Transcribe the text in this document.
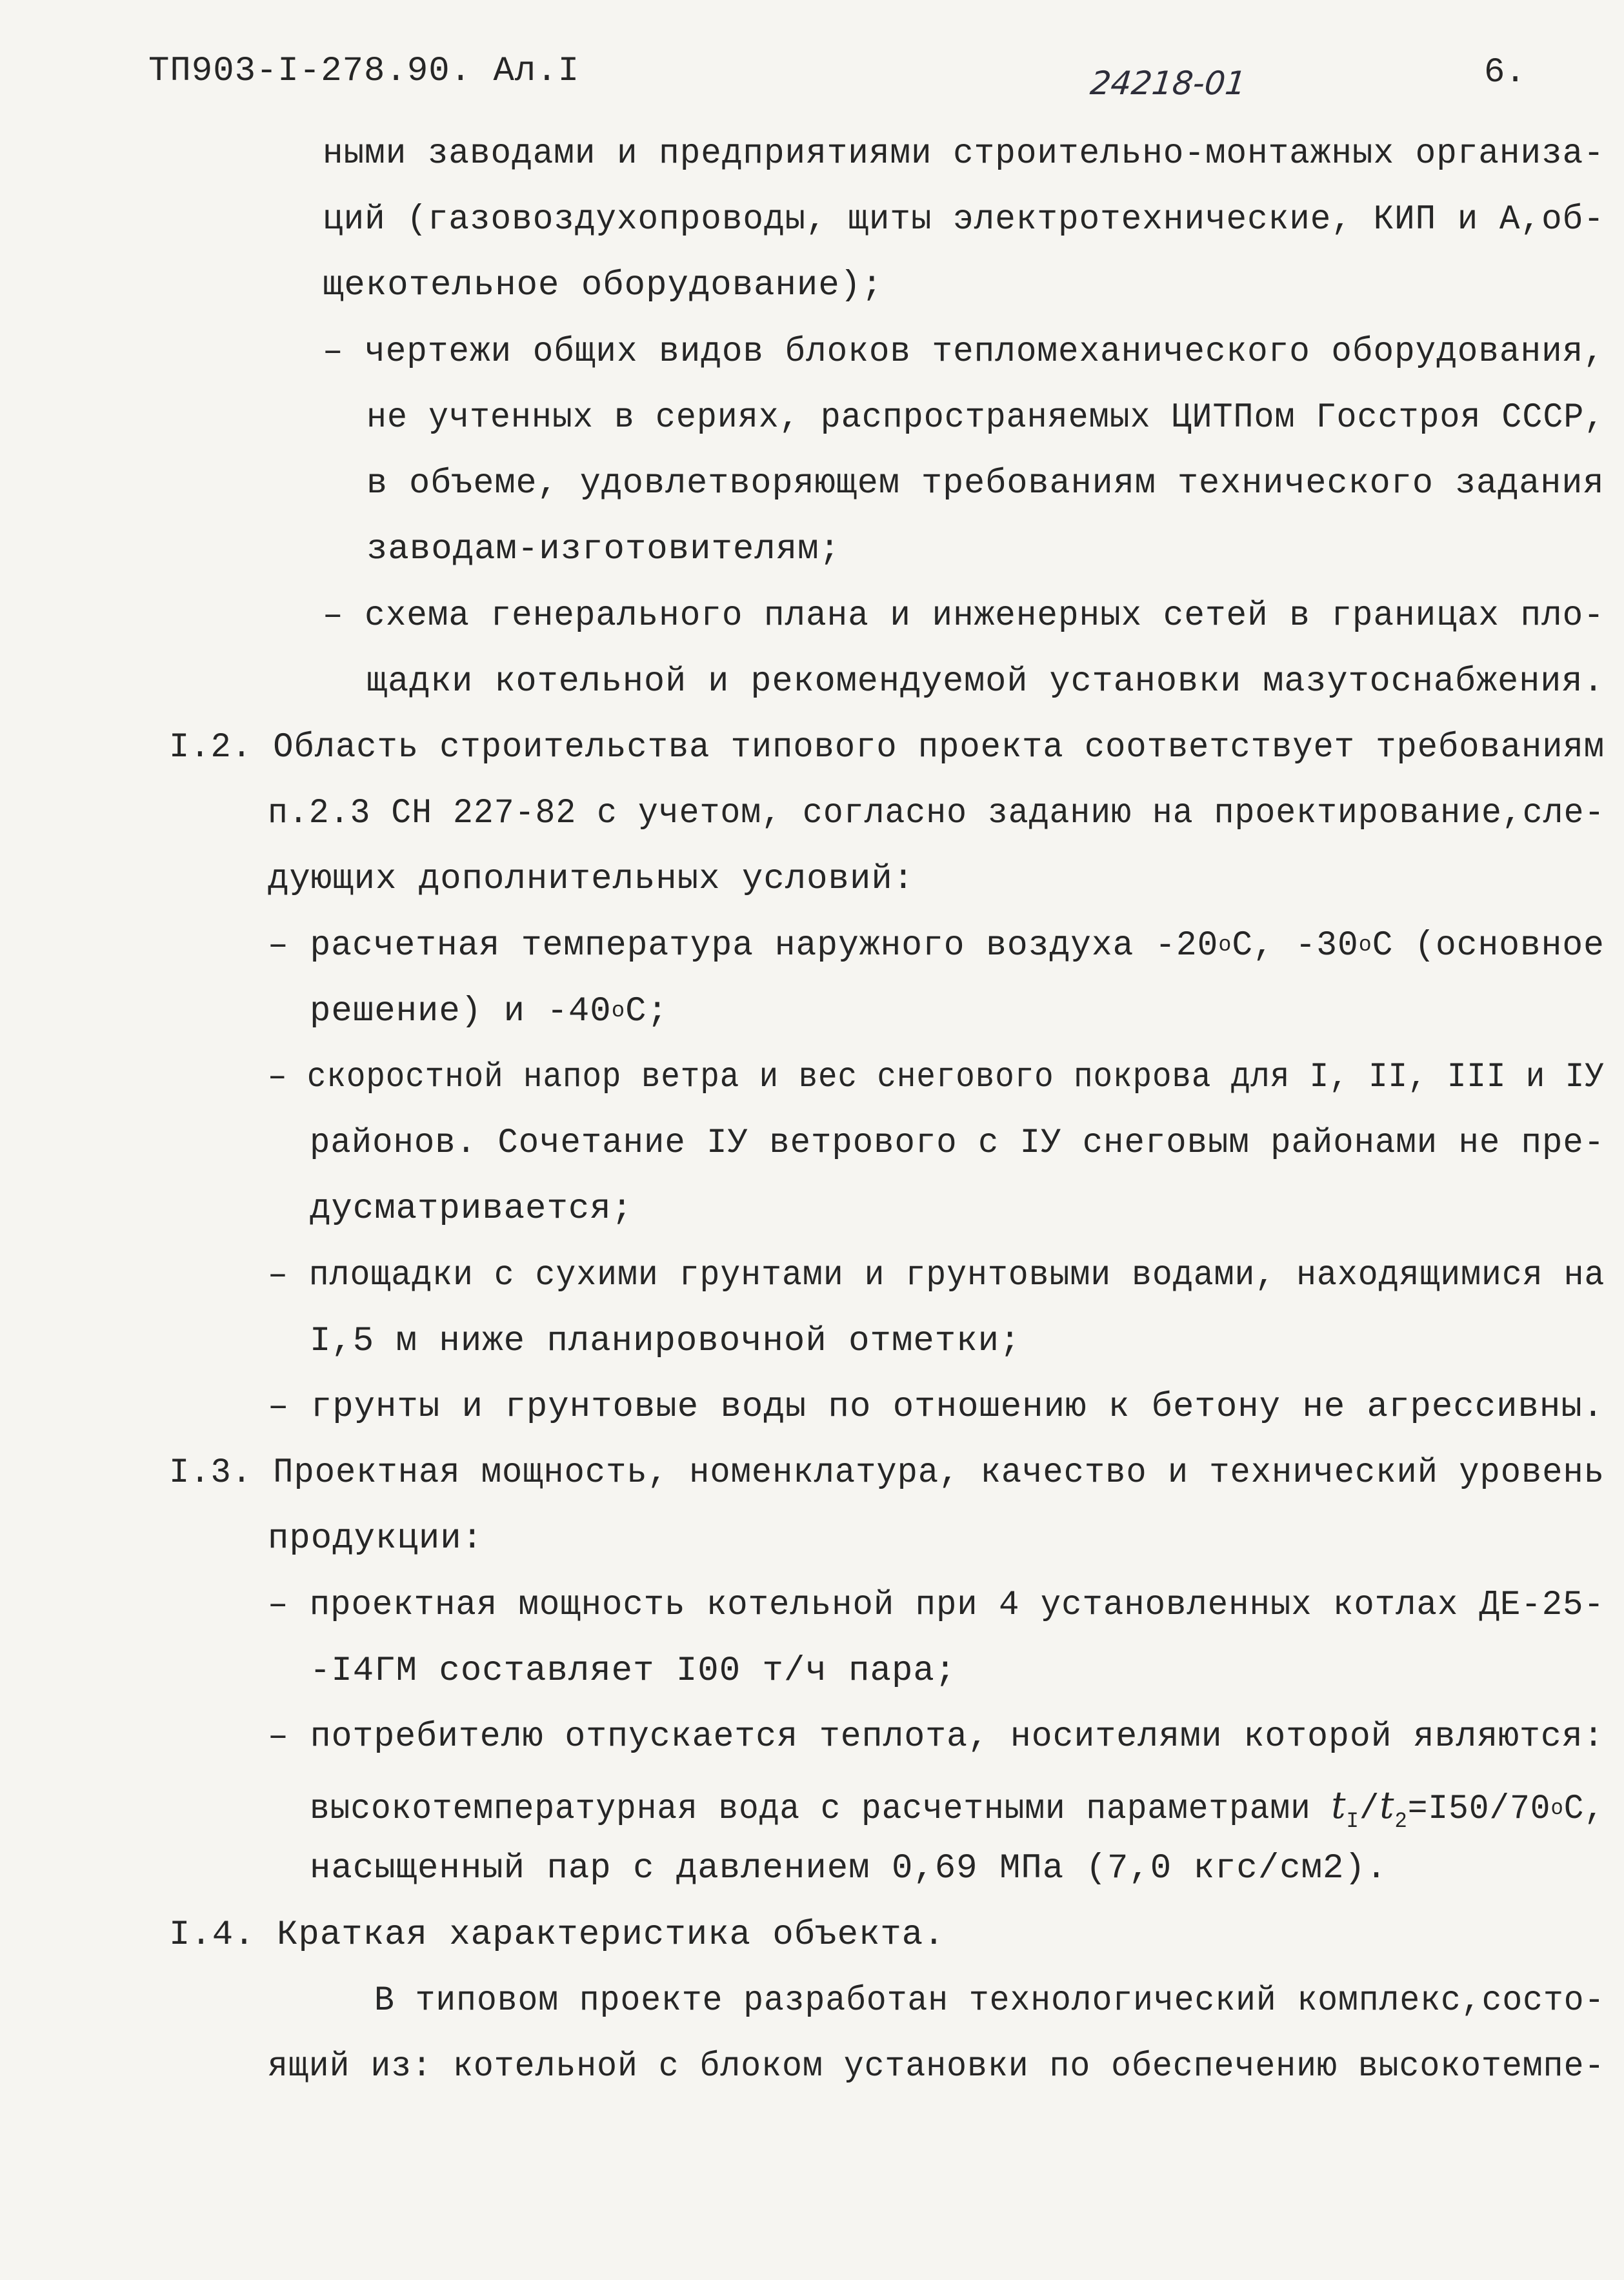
ТП903-I-278.90. Ал.I	24218-01	6.
ными заводами и предприятиями строительно-монтажных организа-
ций (газовоздухопроводы, щиты электротехнические, КИП и А,об-
щекотельное оборудование);
– чертежи общих видов блоков тепломеханического оборудования,
не учтенных в сериях, распространяемых ЦИТПом Госстроя СССР,
в объеме, удовлетворяющем требованиям технического задания
заводам-изготовителям;
– схема генерального плана и инженерных сетей в границах пло-
щадки котельной и рекомендуемой установки мазутоснабжения.
I.2. Область строительства типового проекта соответствует требованиям
п.2.3 СН 227-82 с учетом, согласно заданию на проектирование,сле-
дующих дополнительных условий:
– расчетная температура наружного воздуха $-20^оС$, $-30^оС$ (основное
решение) и $-40^оС$;
– скоростной напор ветра и вес снегового покрова для I, II, III и IУ
районов. Сочетание IУ ветрового с IУ снеговым районами не пре-
дусматривается;
– площадки с сухими грунтами и грунтовыми водами, находящимися на
I,5 м ниже планировочной отметки;
– грунты и грунтовые воды по отношению к бетону не агрессивны.
I.3. Проектная мощность, номенклатура, качество и технический уровень
продукции:
– проектная мощность котельной при 4 установленных котлах ДЕ-25-
-I4ГМ составляет I00 т/ч пара;
– потребителю отпускается теплота, носителями которой являются:
высокотемпературная вода с расчетными параметрами $t_I/t_2=I50/70^оС$,
насыщенный пар с давлением 0,69 МПа (7,0 кгс/см2).
I.4. Краткая характеристика объекта.
В типовом проекте разработан технологический комплекс,состо-
ящий из: котельной с блоком установки по обеспечению высокотемпе-
